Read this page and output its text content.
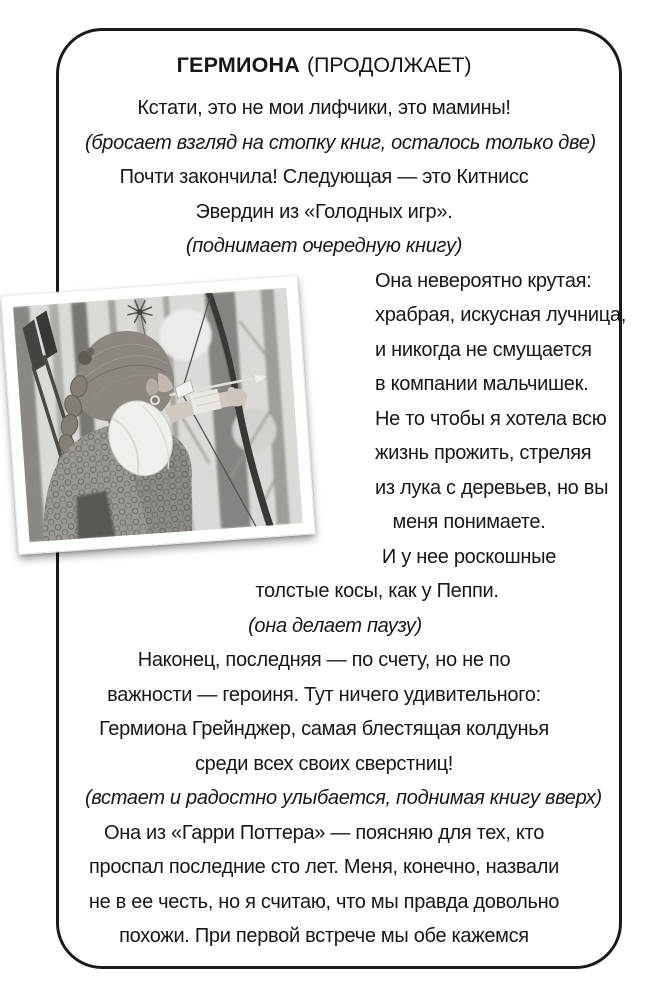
ГЕРМИОНА (ПРОДОЛЖАЕТ)
Кстати, это не мои лифчики, это мамины!
(бросает взгляд на стопку книг, осталось только две)
Почти закончила! Следующая — это Китнисс
Эвердин из «Голодных игр».
(поднимает очередную книгу)
Она невероятно крутая:
храбрая, искусная лучница,
и никогда не смущается
в компании мальчишек.
Не то чтобы я хотела всю
жизнь прожить, стреляя
из лука с деревьев, но вы
меня понимаете.
И у нее роскошные
толстые косы, как у Пеппи.
(она делает паузу)
Наконец, последняя — по счету, но не по
важности — героиня. Тут ничего удивительного:
Гермиона Грейнджер, самая блестящая колдунья
среди всех своих сверстниц!
(встает и радостно улыбается, поднимая книгу вверх)
Она из «Гарри Поттера» — поясняю для тех, кто
проспал последние сто лет. Меня, конечно, назвали
не в ее честь, но я считаю, что мы правда довольно
похожи. При первой встрече мы обе кажемся
